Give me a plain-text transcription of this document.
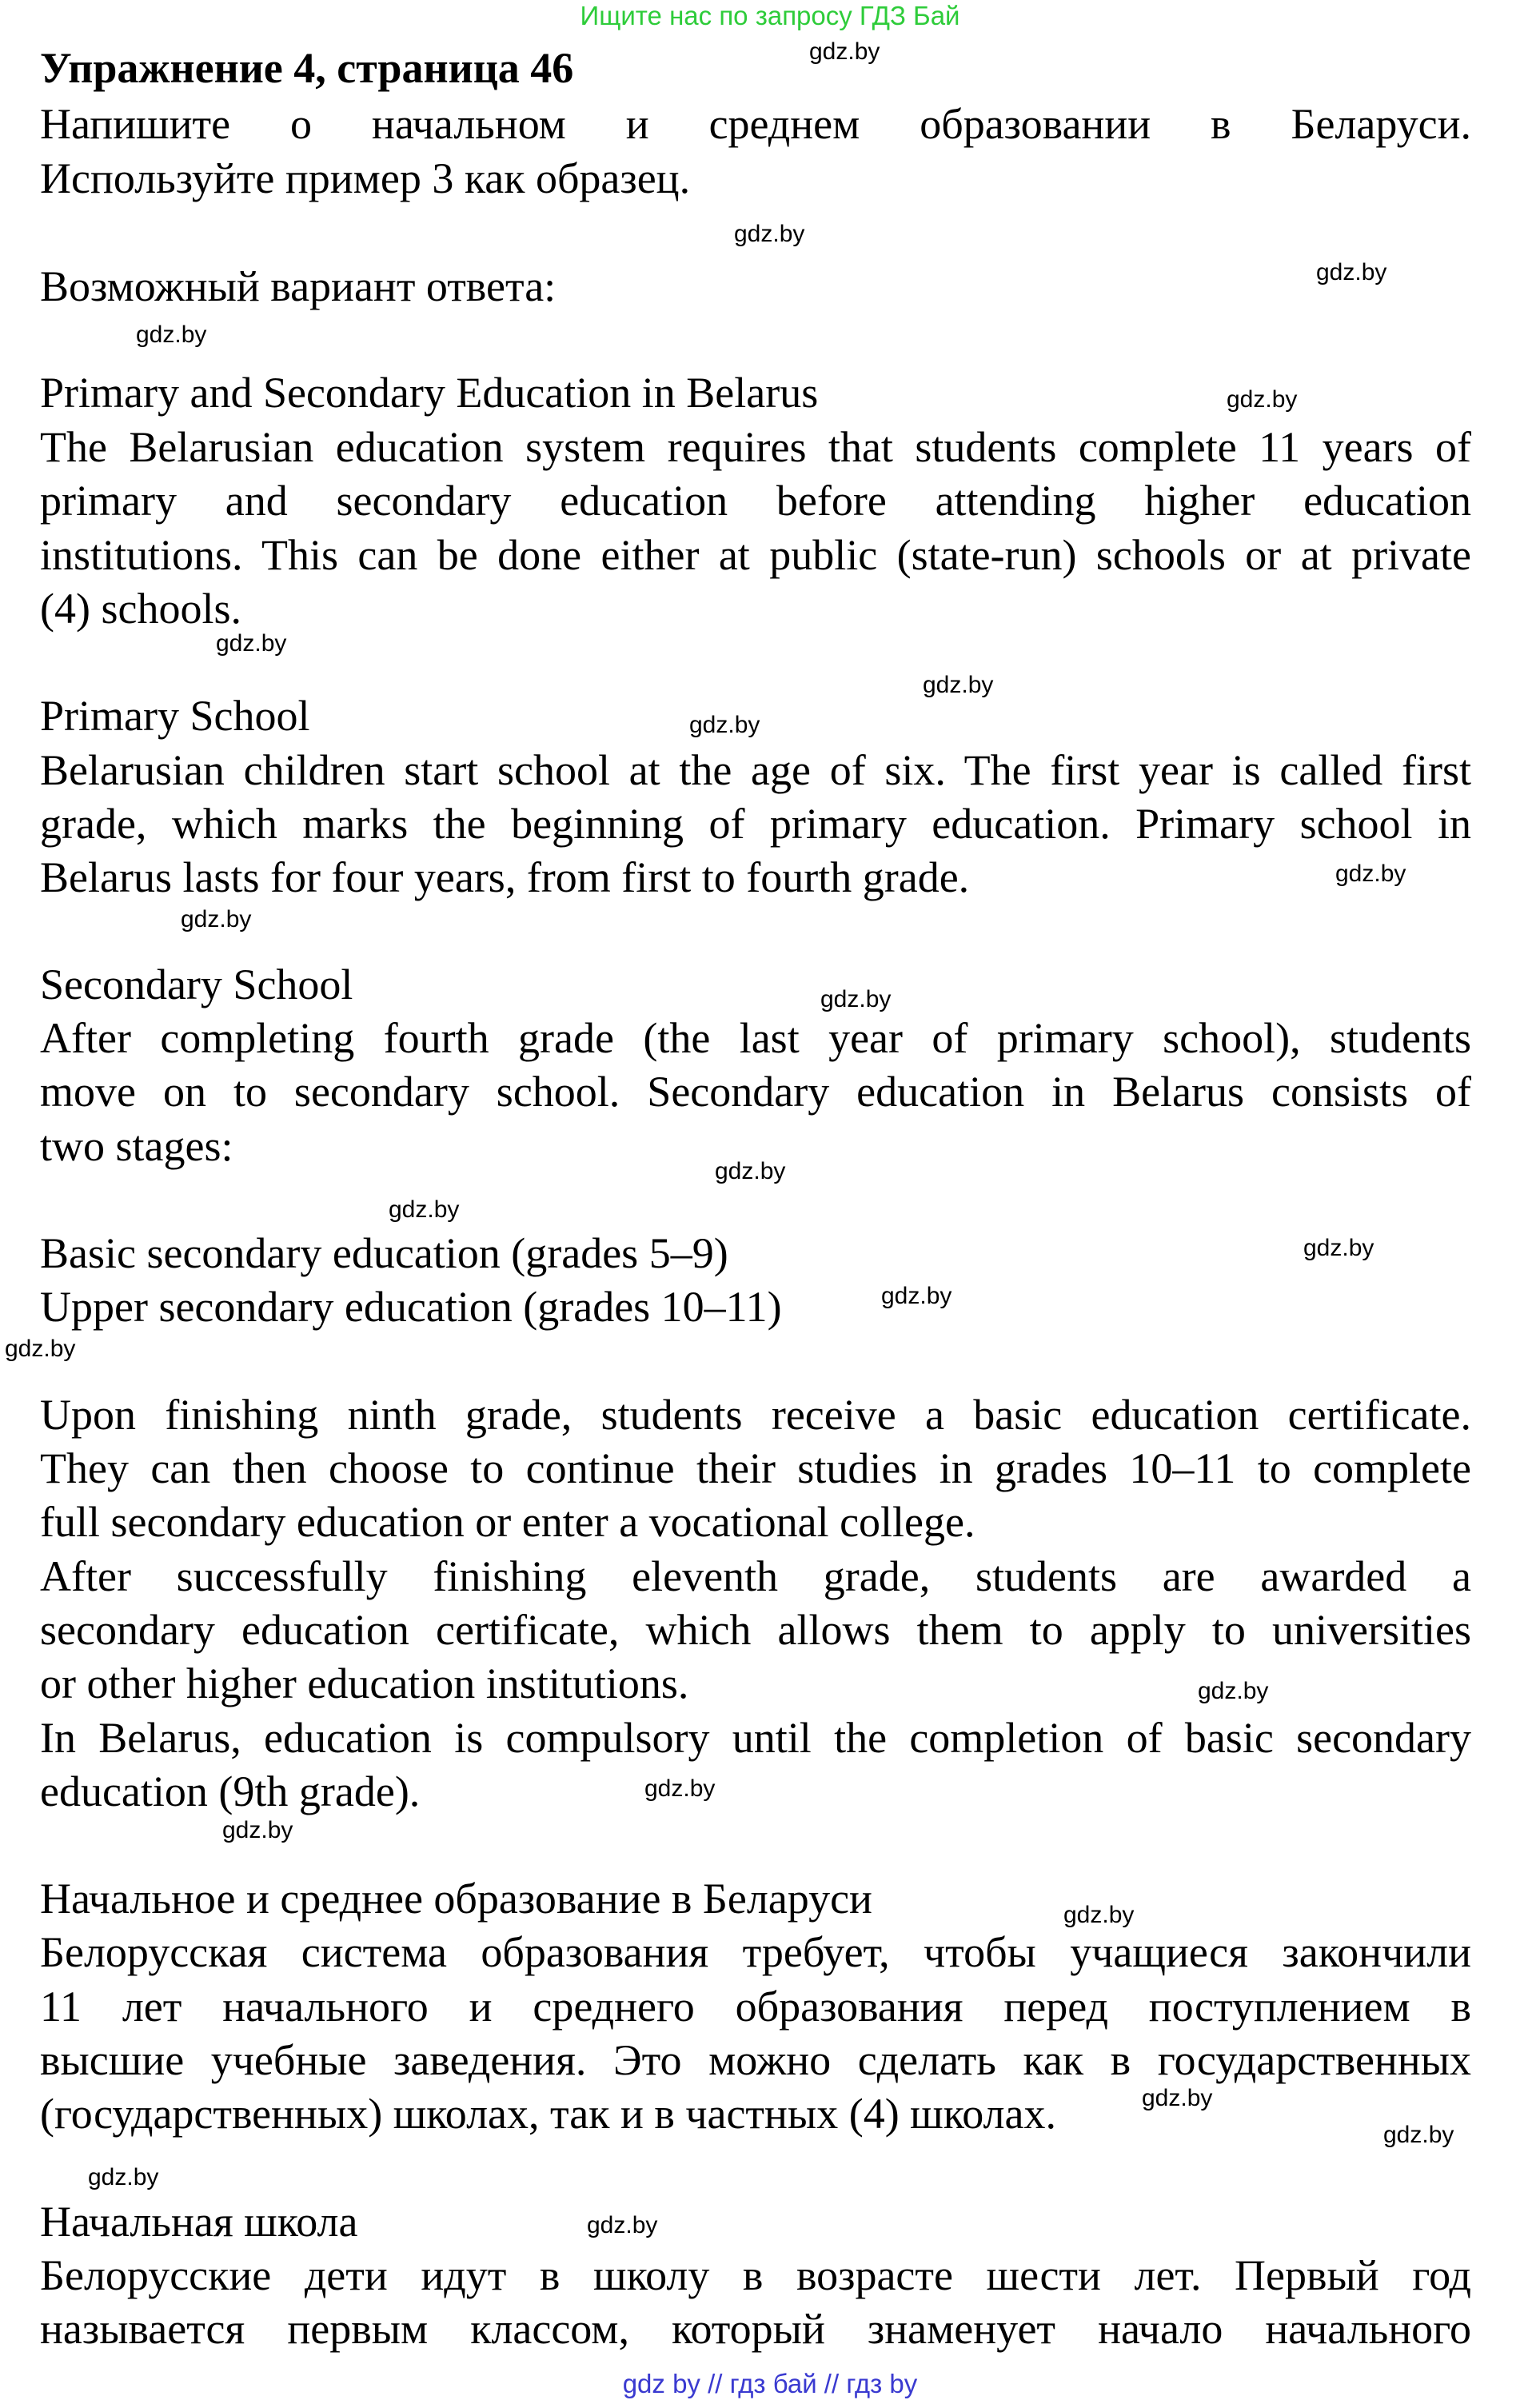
Ищите нас по запросу ГДЗ Бай

Упражнение 4, страница 46

Напишите о начальном и среднем образовании в Беларуси.

Используйте пример 3 как образец.

Возможный вариант ответа:

Primary and Secondary Education in Belarus

The Belarusian education system requires that students complete 11 years of

primary and secondary education before attending higher education

institutions. This can be done either at public (state-run) schools or at private

(4) schools.

Primary School

Belarusian children start school at the age of six. The first year is called first

grade, which marks the beginning of primary education. Primary school in

Belarus lasts for four years, from first to fourth grade.

Secondary School

After completing fourth grade (the last year of primary school), students

move on to secondary school. Secondary education in Belarus consists of

two stages:

Basic secondary education (grades 5–9)

Upper secondary education (grades 10–11)

Upon finishing ninth grade, students receive a basic education certificate.

They can then choose to continue their studies in grades 10–11 to complete

full secondary education or enter a vocational college.

After successfully finishing eleventh grade, students are awarded a

secondary education certificate, which allows them to apply to universities

or other higher education institutions.

In Belarus, education is compulsory until the completion of basic secondary

education (9th grade).

Начальное и среднее образование в Беларуси

Белорусская система образования требует, чтобы учащиеся закончили

11 лет начального и среднего образования перед поступлением в

высшие учебные заведения. Это можно сделать как в государственных

(государственных) школах, так и в частных (4) школах.

Начальная школа

Белорусские дети идут в школу в возрасте шести лет. Первый год

называется первым классом, который знаменует начало начального

gdz.by
gdz.by
gdz.by
gdz.by
gdz.by
gdz.by
gdz.by
gdz.by
gdz.by
gdz.by
gdz.by
gdz.by
gdz.by
gdz.by
gdz.by
gdz.by
gdz.by
gdz.by
gdz.by
gdz.by
gdz.by
gdz.by
gdz.by
gdz.by
gdz by // гдз бай // гдз by
